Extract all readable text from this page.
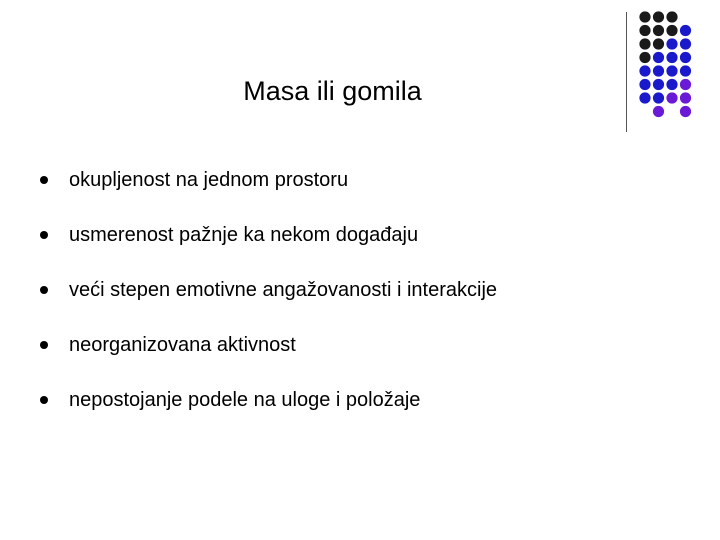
Masa ili gomila
okupljenost na jednom prostoru
usmerenost pažnje ka nekom događaju
veći stepen emotivne angažovanosti i interakcije
neorganizovana aktivnost
nepostojanje podele na uloge i položaje
